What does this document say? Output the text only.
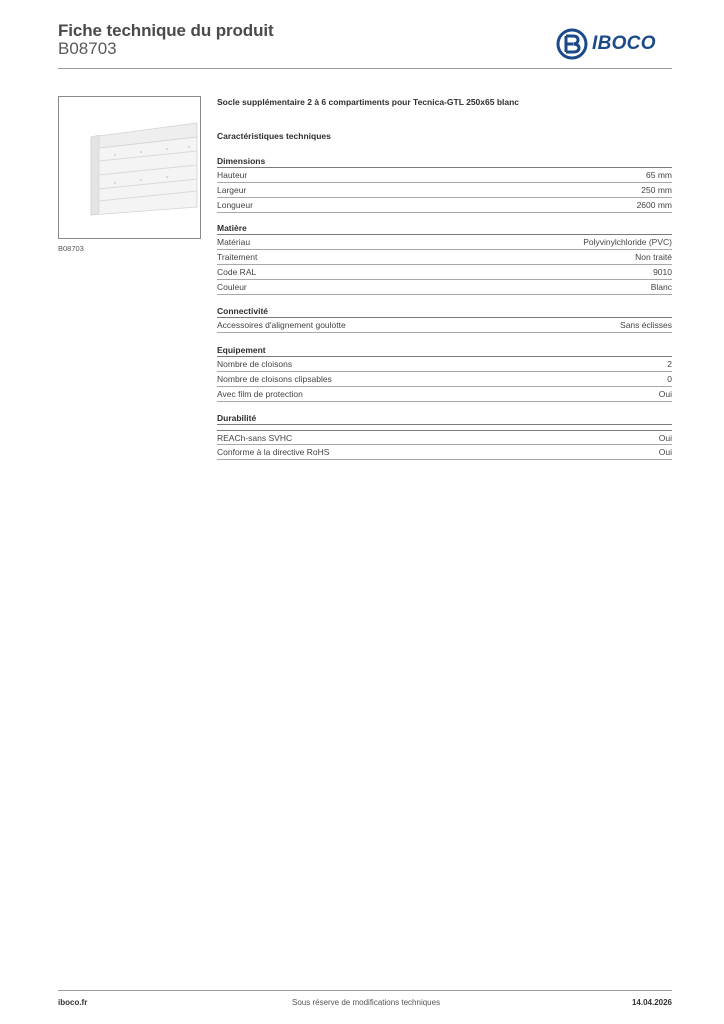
Fiche technique du produit
B08703	IBOCO
B08703
Socle supplémentaire 2 à 6 compartiments pour Tecnica-GTL 250x65 blanc
Caractéristiques techniques
Dimensions
Hauteur	65 mm
Largeur	250 mm
Longueur	2600 mm
Matière
Matériau	Polyvinylchloride (PVC)
Traitement	Non traité
Code RAL	9010
Couleur	Blanc
Connectivité
Accessoires d'alignement goulotte	Sans éclisses
Equipement
Nombre de cloisons	2
Nombre de cloisons clipsables	0
Avec film de protection	Oui
Durabilité
REACh-sans SVHC	Oui
Conforme à la directive RoHS	Oui
iboco.fr	Sous réserve de modifications techniques	14.04.2026
